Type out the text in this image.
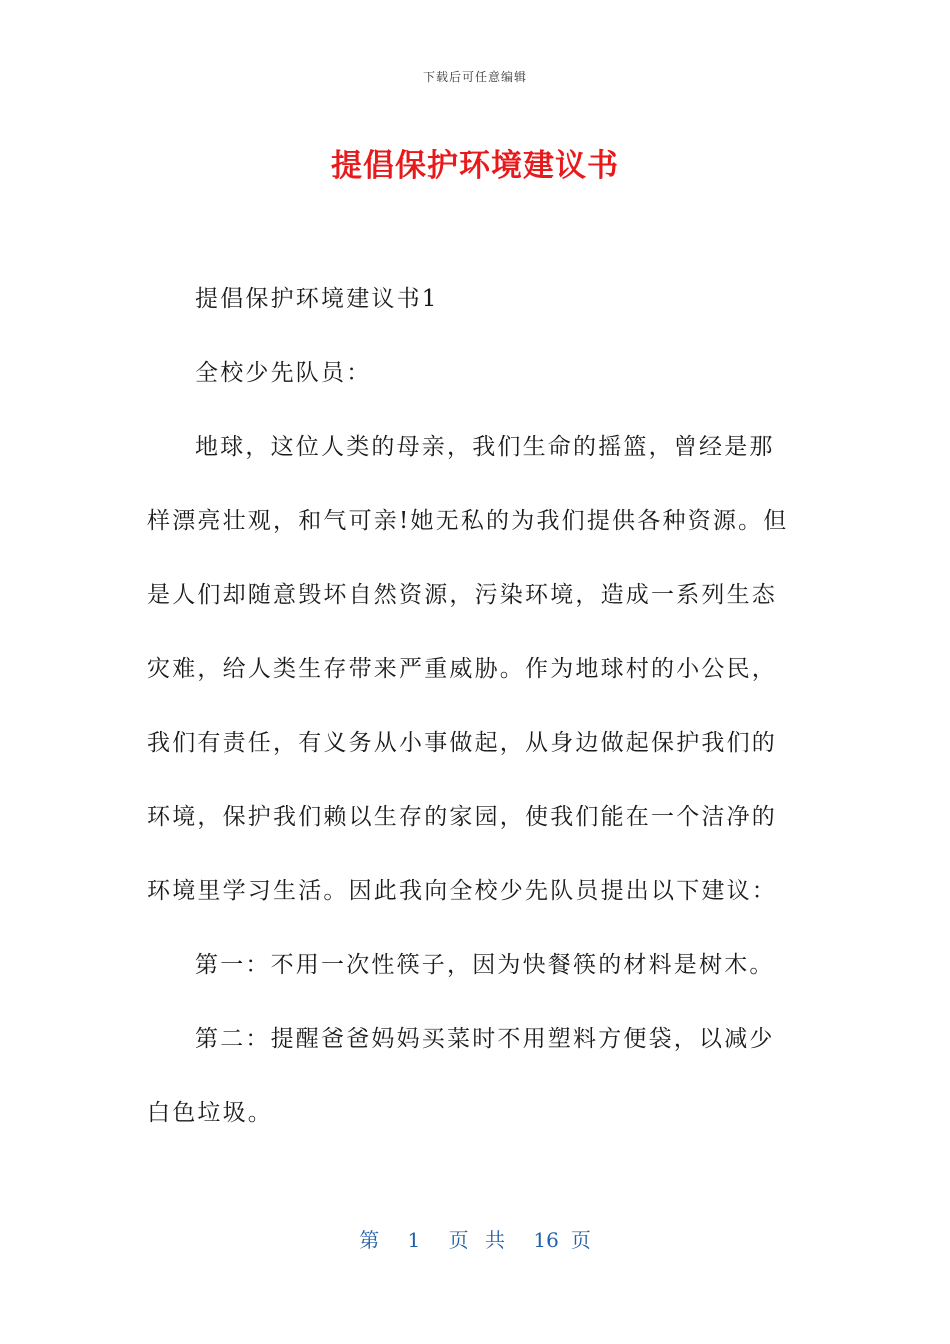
下载后可任意编辑
提倡保护环境建议书

提倡保护环境建议书1

全校少先队员：

地球，这位人类的母亲，我们生命的摇篮，曾经是那样漂亮壮观，和气可亲!她无私的为我们提供各种资源。但是人们却随意毁坏自然资源，污染环境，造成一系列生态灾难，给人类生存带来严重威胁。作为地球村的小公民，我们有责任，有义务从小事做起，从身边做起保护我们的环境，保护我们赖以生存的家园，使我们能在一个洁净的环境里学习生活。因此我向全校少先队员提出以下建议：

第一：不用一次性筷子，因为快餐筷的材料是树木。

第二：提醒爸爸妈妈买菜时不用塑料方便袋，以减少白色垃圾。

第 1 页 共 16 页
